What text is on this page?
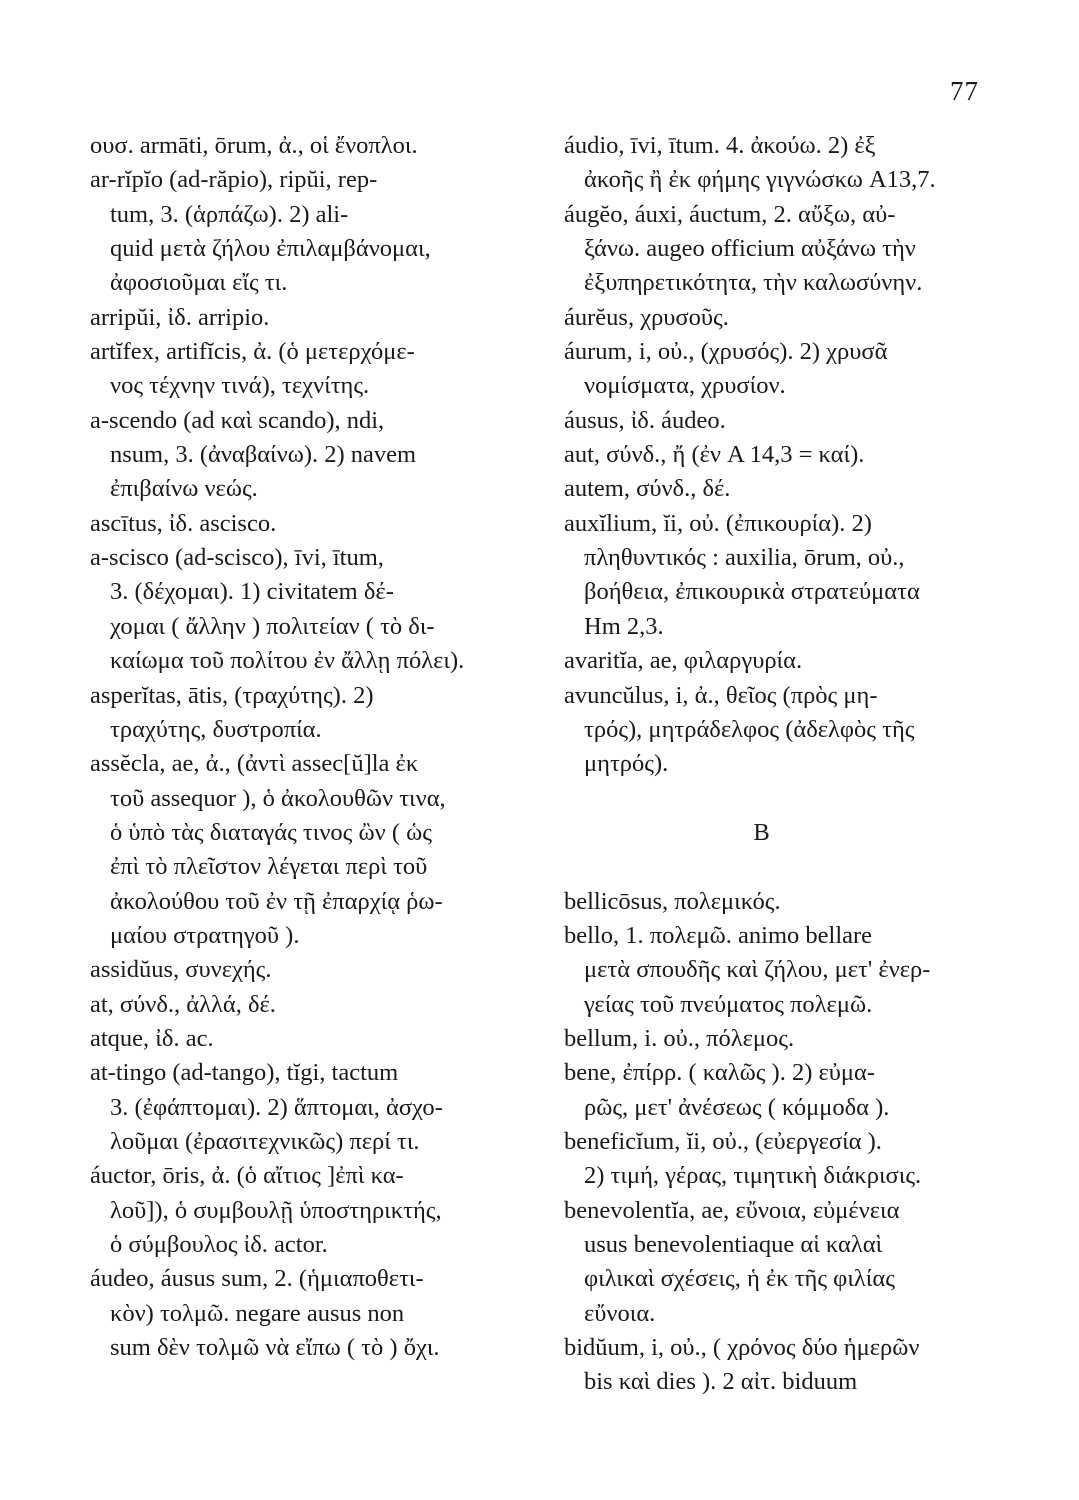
77
ουσ. armāti, ōrum, ἀ., οἱ ἔνοπλοι.
ar-rĭpĭo (ad-răpio), ripŭi, rep-
tum, 3. (ἁρπάζω). 2) ali-
quid μετὰ ζήλου ἐπιλαμβάνομαι,
ἀφοσιοῦμαι εἴς τι.
arripŭi, ἰδ. arripio.
artĭfex, artifĭcis, ἀ. (ὁ μετερχόμε-
νος τέχνην τινά), τεχνίτης.
a-scendo (ad καὶ scando), ndi,
nsum, 3. (ἀναβαίνω). 2) navem
ἐπιβαίνω νεώς.
ascītus, ἰδ. ascisco.
a-scisco (ad-scisco), īvi, ītum,
3. (δέχομαι). 1) civitatem δέ-
χομαι ( ἄλλην ) πολιτείαν ( τὸ δι-
καίωμα τοῦ πολίτου ἐν ἄλλῃ πόλει).
asperĭtas, ātis, (τραχύτης). 2)
τραχύτης, δυστροπία.
assĕcla, ae, ἀ., (ἀντὶ assec[ŭ]la ἐκ
τοῦ assequor ), ὁ ἀκολουθῶν τινα,
ὁ ὑπὸ τὰς διαταγάς τινος ὢν ( ὡς
ἐπὶ τὸ πλεῖστον λέγεται περὶ τοῦ
ἀκολούθου τοῦ ἐν τῇ ἐπαρχίᾳ ῥω-
μαίου στρατηγοῦ ).
assidŭus, συνεχής.
at, σύνδ., ἀλλά, δέ.
atque, ἰδ. ac.
at-tingo (ad-tango), tĭgi, tactum
3. (ἐφάπτομαι). 2) ἅπτομαι, ἀσχο-
λοῦμαι (ἐρασιτεχνικῶς) περί τι.
áuctor, ōris, ἀ. (ὁ αἴτιος ]ἐπὶ κα-
λοῦ]), ὁ συμβουλῇ ὑποστηρικτής,
ὁ σύμβουλος ἰδ. actor.
áudeo, áusus sum, 2. (ἡμιαποθετι-
κὸν) τολμῶ. negare ausus non
sum δὲν τολμῶ νὰ εἴπω ( τὸ ) ὄχι.
áudio, īvi, ītum. 4. ἀκούω. 2) ἐξ
ἀκοῆς ἢ ἐκ φήμης γιγνώσκω A13,7.
áugĕo, áuxi, áuctum, 2. αὔξω, αὐ-
ξάνω. augeo officium αὐξάνω τὴν
ἐξυπηρετικότητα, τὴν καλωσύνην.
áurĕus, χρυσοῦς.
áurum, i, οὐ., (χρυσός). 2) χρυσᾶ
νομίσματα, χρυσίον.
áusus, ἰδ. áudeo.
aut, σύνδ., ἤ (ἐν A 14,3 = καί).
autem, σύνδ., δέ.
auxĭlium, ĭi, οὐ. (ἐπικουρία). 2)
πληθυντικός : auxilia, ōrum, οὐ.,
βοήθεια, ἐπικουρικὰ στρατεύματα
Hm 2,3.
avaritĭa, ae, φιλαργυρία.
avuncŭlus, i, ἀ., θεῖος (πρὸς μη-
τρός), μητράδελφος (ἀδελφὸς τῆς
μητρός).
B
bellicōsus, πολεμικός.
bello, 1. πολεμῶ. animo bellare
μετὰ σπουδῆς καὶ ζήλου, μετ' ἐνερ-
γείας τοῦ πνεύματος πολεμῶ.
bellum, i. οὐ., πόλεμος.
bene, ἐπίρρ. ( καλῶς ). 2) εὐμα-
ρῶς, μετ' ἀνέσεως ( κόμμοδα ).
beneficĭum, ĭi, οὐ., (εὐεργεσία ).
2) τιμή, γέρας, τιμητικὴ διάκρισις.
benevolentĭa, ae, εὔνοια, εὐμένεια
usus benevolentiaque αἱ καλαὶ
φιλικαὶ σχέσεις, ἡ ἐκ τῆς φιλίας
εὔνοια.
bidŭum, i, οὐ., ( χρόνος δύο ἡμερῶν
bis καὶ dies ). 2 αἰτ. biduum
